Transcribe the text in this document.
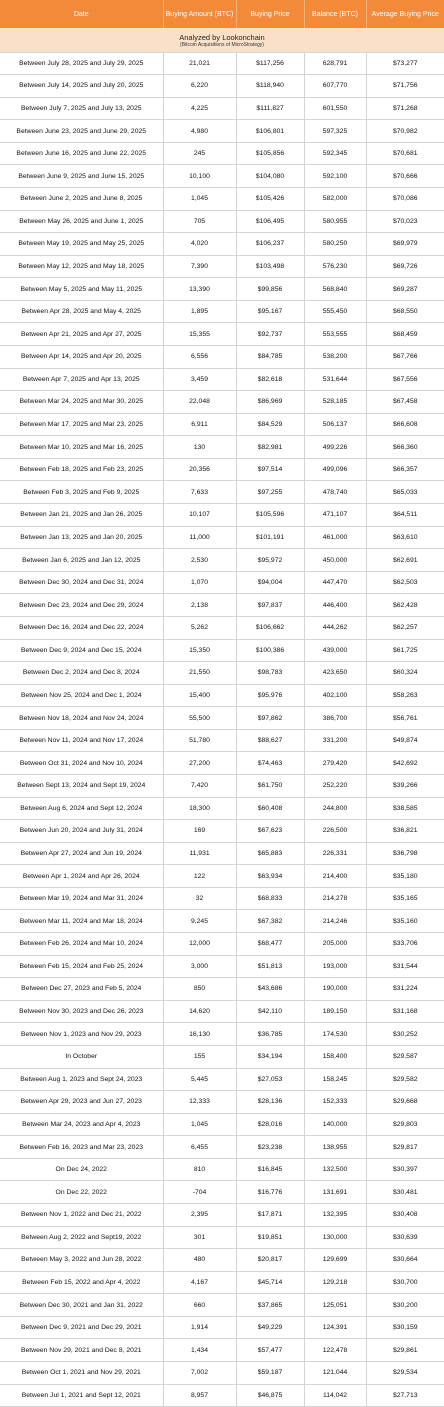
Date	Buying Amount (BTC)	Buying Price	Balance (BTC)	Average Buying Price

Analyzed by Lookonchain
(Bitcoin Acquisitions of MicroStrategy)				

Between July 28, 2025 and July 29, 2025	21,021	$117,256	628,791	$73,277
Between July 14, 2025 and July 20, 2025	6,220	$118,940	607,770	$71,756
Between July 7, 2025 and July 13, 2025	4,225	$111,827	601,550	$71,268
Between June 23, 2025 and June 29, 2025	4,980	$106,801	597,325	$70,982
Between June 16, 2025 and June 22, 2025	245	$105,856	592,345	$70,681
Between June 9, 2025 and June 15, 2025	10,100	$104,080	592,100	$70,666
Between June 2, 2025 and June 8, 2025	1,045	$105,426	582,000	$70,086
Between May 26, 2025 and June 1, 2025	705	$106,495	580,955	$70,023
Between May 19, 2025 and May 25, 2025	4,020	$106,237	580,250	$69,979
Between May 12, 2025 and May 18, 2025	7,390	$103,498	576,230	$69,726
Between May 5, 2025 and May 11, 2025	13,390	$99,856	568,840	$69,287
Between Apr 28, 2025 and May 4, 2025	1,895	$95,167	555,450	$68,550
Between Apr 21, 2025 and Apr 27, 2025	15,355	$92,737	553,555	$68,459
Between Apr 14, 2025 and Apr 20, 2025	6,556	$84,785	538,200	$67,766
Between Apr 7, 2025 and Apr 13, 2025	3,459	$82,618	531,644	$67,556
Between Mar 24, 2025 and Mar 30, 2025	22,048	$86,969	528,185	$67,458
Between Mar 17, 2025 and Mar 23, 2025	6,911	$84,529	506,137	$66,608
Between Mar 10, 2025 and Mar 16, 2025	130	$82,981	499,226	$66,360
Between Feb 18, 2025 and Feb 23, 2025	20,356	$97,514	499,096	$66,357
Between Feb 3, 2025 and Feb 9, 2025	7,633	$97,255	478,740	$65,033
Between Jan 21, 2025 and Jan 26, 2025	10,107	$105,596	471,107	$64,511
Between Jan 13, 2025 and Jan 20, 2025	11,000	$101,191	461,000	$63,610
Between Jan 6, 2025 and Jan 12, 2025	2,530	$95,972	450,000	$62,691
Between Dec 30, 2024 and Dec 31, 2024	1,070	$94,004	447,470	$62,503
Between Dec 23, 2024 and Dec 29, 2024	2,138	$97,837	446,400	$62,428
Between Dec 16, 2024 and Dec 22, 2024	5,262	$106,662	444,262	$62,257
Between Dec 9, 2024 and Dec 15, 2024	15,350	$100,386	439,000	$61,725
Between Dec 2, 2024 and Dec 8, 2024	21,550	$98,783	423,650	$60,324
Between Nov 25, 2024 and Dec 1, 2024	15,400	$95,976	402,100	$58,263
Between Nov 18, 2024 and Nov 24, 2024	55,500	$97,862	386,700	$56,761
Between Nov 11, 2024 and Nov 17, 2024	51,780	$88,627	331,200	$49,874
Between Oct 31, 2024 and Nov 10, 2024	27,200	$74,463	279,420	$42,692
Between Sept 13, 2024 and Sept 19, 2024	7,420	$61,750	252,220	$39,266
Between Aug 6, 2024 and Sept 12, 2024	18,300	$60,408	244,800	$38,585
Between Jun 20, 2024 and July 31, 2024	169	$67,623	226,500	$36,821
Between Apr 27, 2024 and Jun 19, 2024	11,931	$65,883	226,331	$36,798
Between Apr 1, 2024 and Apr 26, 2024	122	$63,934	214,400	$35,180
Between Mar 19, 2024 and Mar 31, 2024	32	$68,833	214,278	$35,165
Between Mar 11, 2024 and Mar 18, 2024	9,245	$67,382	214,246	$35,160
Between Feb 26, 2024 and Mar 10, 2024	12,000	$68,477	205,000	$33,706
Between Feb 15, 2024 and Feb 25, 2024	3,000	$51,813	193,000	$31,544
Between Dec 27, 2023 and Feb 5, 2024	850	$43,686	190,000	$31,224
Between Nov 30, 2023 and Dec 26, 2023	14,620	$42,110	189,150	$31,168
Between Nov 1, 2023 and Nov 29, 2023	16,130	$36,785	174,530	$30,252
In October	155	$34,194	158,400	$29,587
Between Aug 1, 2023 and Sept 24, 2023	5,445	$27,053	158,245	$29,582
Between Apr 29, 2023 and Jun 27, 2023	12,333	$28,136	152,333	$29,668
Between Mar 24, 2023 and Apr 4, 2023	1,045	$28,016	140,000	$29,803
Between Feb 16, 2023 and Mar 23, 2023	6,455	$23,238	138,955	$29,817
On Dec 24, 2022	810	$16,845	132,500	$30,397
On Dec 22, 2022	-704	$16,776	131,691	$30,481
Between Nov 1, 2022 and Dec 21, 2022	2,395	$17,871	132,395	$30,408
Between Aug 2, 2022 and Sept19, 2022	301	$19,851	130,000	$30,639
Between May 3, 2022 and Jun 28, 2022	480	$20,817	129,699	$30,664
Between Feb 15, 2022 and Apr 4, 2022	4,167	$45,714	129,218	$30,700
Between Dec 30, 2021 and Jan 31, 2022	660	$37,865	125,051	$30,200
Between Dec 9, 2021 and Dec 29, 2021	1,914	$49,229	124,391	$30,159
Between Nov 29, 2021 and Dec 8, 2021	1,434	$57,477	122,478	$29,861
Between Oct 1, 2021 and Nov 29, 2021	7,002	$59,187	121,044	$29,534
Between Jul 1, 2021 and Sept 12, 2021	8,957	$46,875	114,042	$27,713
